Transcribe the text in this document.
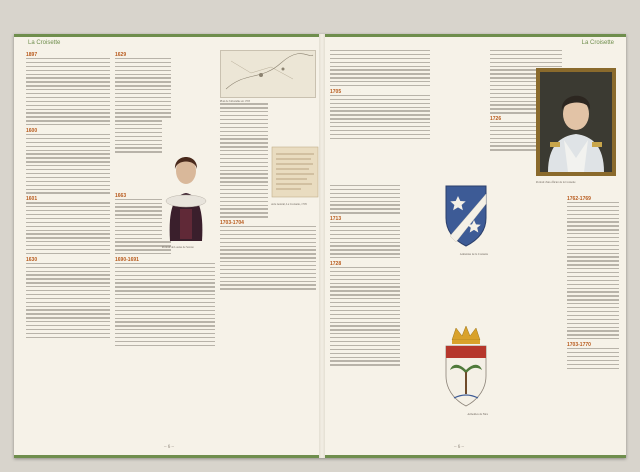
La Croisette	La Croisette
1897
1600
1601
1630
1629
1663
1690-1691
Portrait de Louise de Savoie
Plan de l'Abondée en 1703
1703-1704
Acte notarié, La Croisette, 1705
1705
1713
1728
Armoiries de la Croisette
Armoiries de Nice
1726
Portrait d'un officier de la Croisette
1762-1769
1703-1770
– 6 –	– 6 –
